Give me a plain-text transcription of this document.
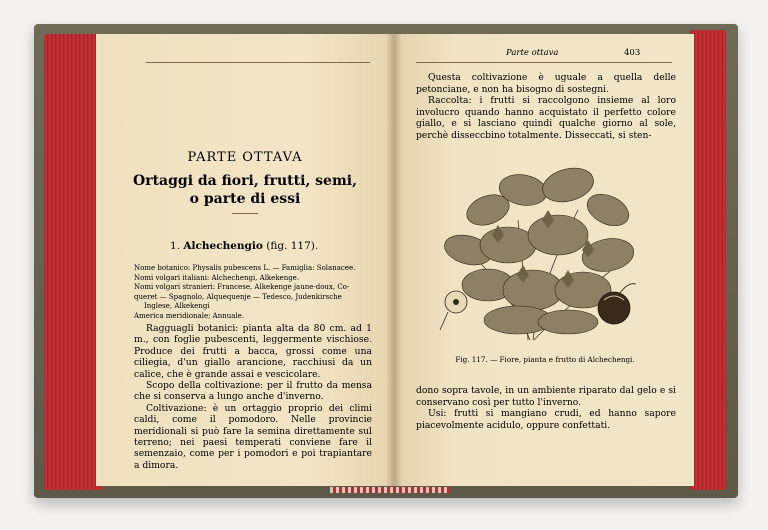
PARTE OTTAVA
Ortaggi da fiori, frutti, semi,
o parte di essi
1. Alchechengio (fig. 117).
Nome botanico: Physalis pubescens L. — Famiglia: Solanacee.
Nomi volgari italiani: Alchechengi, Alkekenge.
Nomi volgari stranieri: Francese, Alkekenge jaune-doux, Co-
queret — Spagnolo, Alquequenje — Tedesco, Judenkirsche
Inglese, Alkekengi
America meridionale; Annuale.

Ragguagli botanici: pianta alta da 80 cm. ad 1 m., con foglie pubescenti, leggermente vischiose. Produce dei frutti a bacca, grossi come una ciliegia, d'un giallo arancione, racchiusi da un calice, che è grande assai e vescicolare.

Scopo della coltivazione: per il frutto da mensa che si conserva a lungo anche d'inverno.

Coltivazione: è un ortaggio proprio dei climi caldi, come il pomodoro. Nelle provincie meridionali si può fare la semina direttamente sul terreno; nei paesi temperati conviene fare il semenzaio, come per i pomodori e poi trapiantare a dimora.

Parte ottava	403

Questa coltivazione è uguale a quella delle petonciane, e non ha bisogno di sostegni.

Raccolta: i frutti si raccolgono insieme al loro involucro quando hanno acquistato il perfetto colore giallo, e si lasciano quindi qualche giorno al sole, perchè disseccbino totalmente. Disseccati, si sten-

Fig. 117. — Fiore, pianta e frutto di Alchechengi.

dono sopra tavole, in un ambiente riparato dal gelo e si conservano così per tutto l'inverno.

Usi: frutti si mangiano crudi, ed hanno sapore piacevolmente acidulo, oppure confettati.
